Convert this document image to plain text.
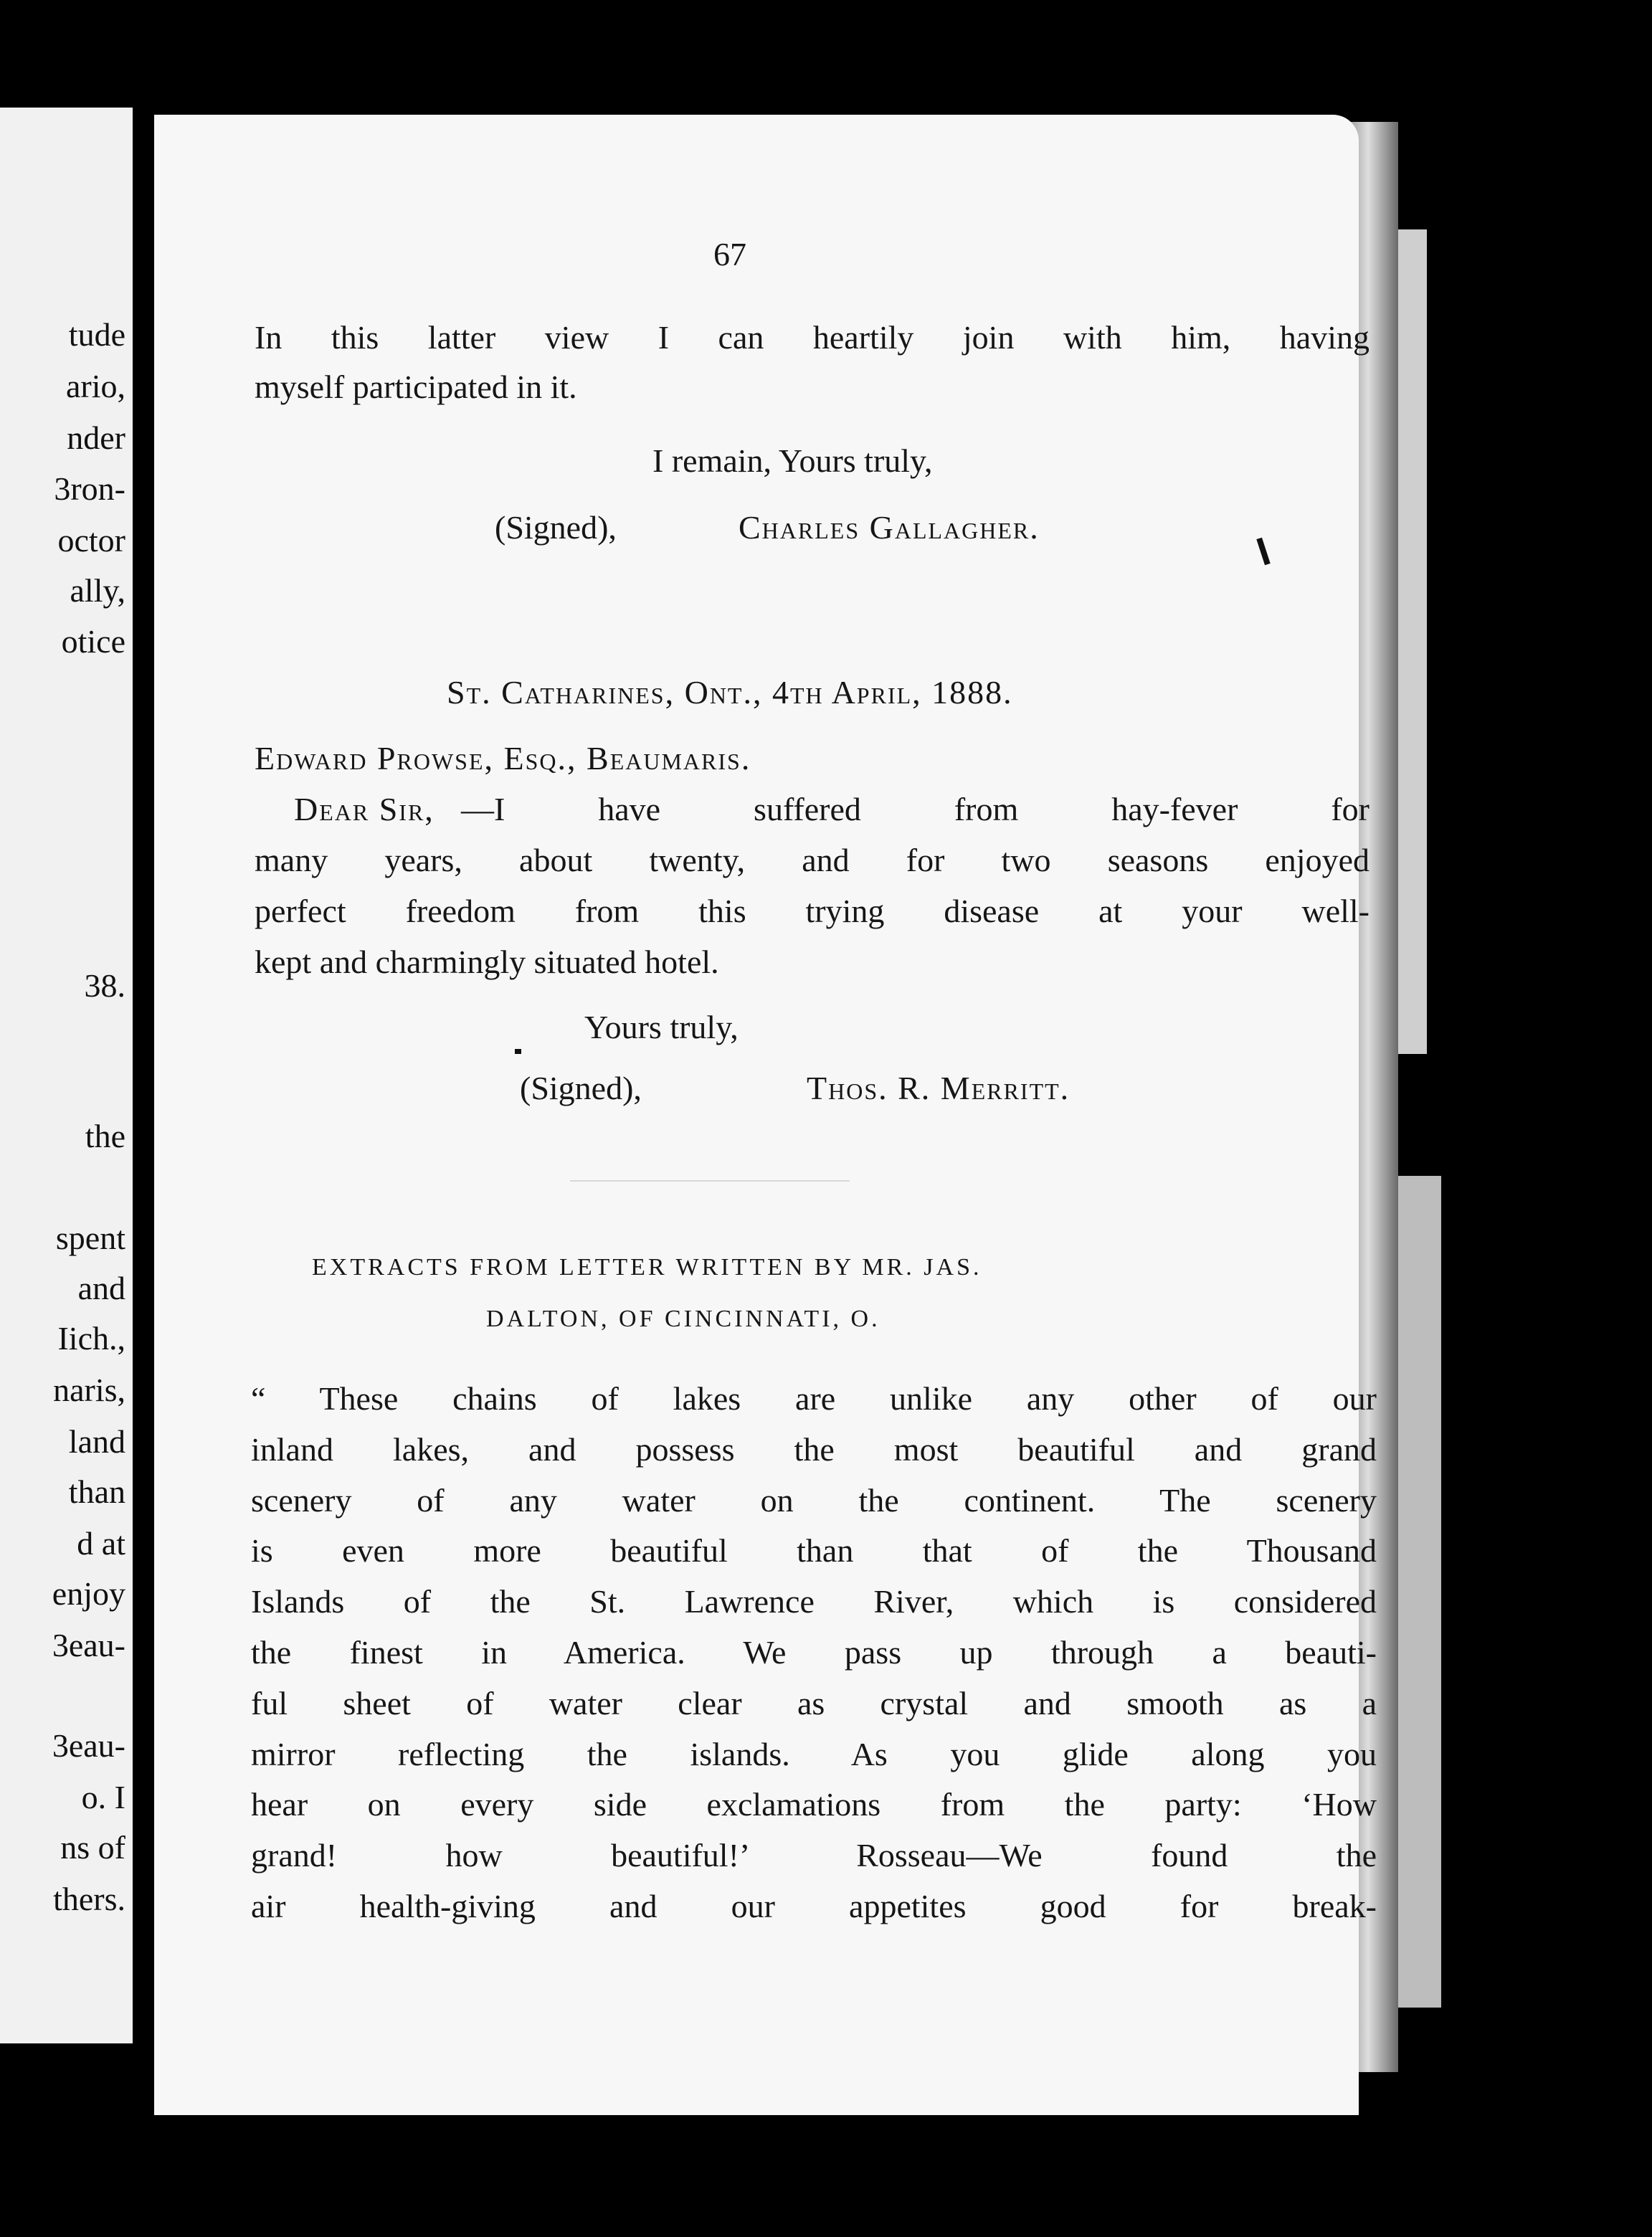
tude
ario,
nder
3ron-
octor
ally,
otice
38.
the
spent
and
Iich.,
naris,
land
than
d at
enjoy
3eau-
3eau-
o. I
ns of
thers.
67
In this latter view I can heartily join with him, having
myself participated in it.
I remain, Yours truly,
(Signed),	Charles Gallagher.
St. Catharines, Ont., 4th April, 1888.
Edward Prowse, Esq., Beaumaris.
Dear Sir, —I have suffered from hay-fever for
many years, about twenty, and for two seasons enjoyed
perfect freedom from this trying disease at your well-
kept and charmingly situated hotel.
Yours truly,
(Signed),	Thos. R. Merritt.
EXTRACTS FROM LETTER WRITTEN BY MR. JAS.
DALTON, OF CINCINNATI, O.
“ These chains of lakes are unlike any other of our
inland lakes, and possess the most beautiful and grand
scenery of any water on the continent. The scenery
is even more beautiful than that of the Thousand
Islands of the St. Lawrence River, which is considered
the finest in America. We pass up through a beauti-
ful sheet of water clear as crystal and smooth as a
mirror reflecting the islands. As you glide along you
hear on every side exclamations from the party: ‘How
grand! how beautiful!’ Rosseau—We found the
air health-giving and our appetites good for break-
